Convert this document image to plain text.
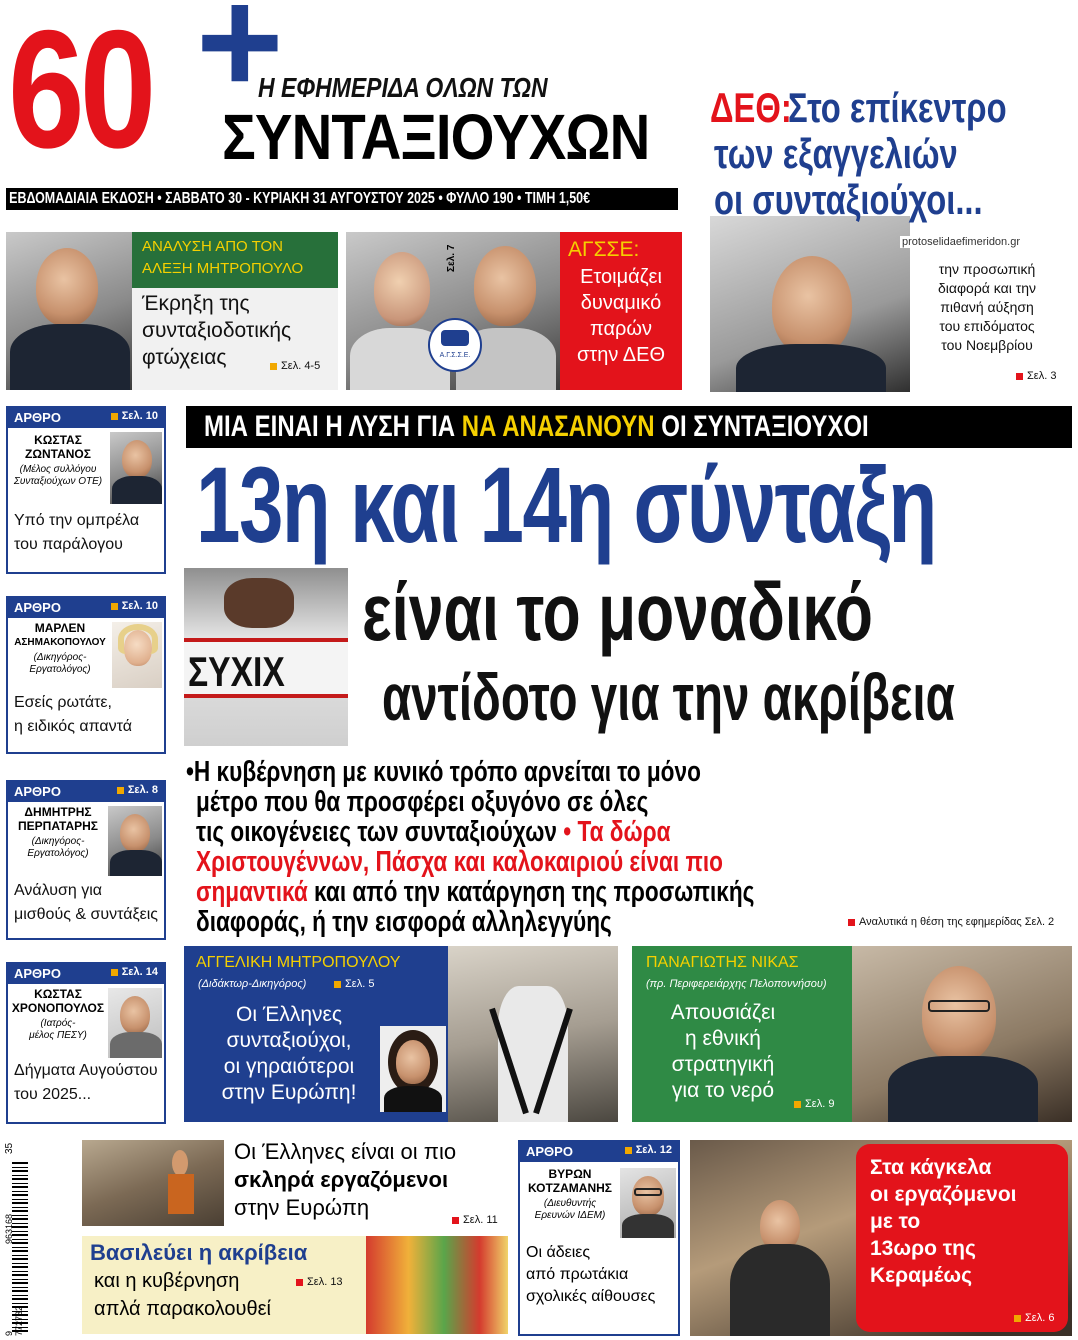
60 +
Η ΕΦΗΜΕΡΙΔΑ ΟΛΩΝ ΤΩΝ
ΣΥΝΤΑΞΙΟΥΧΩΝ
ΕΒΔΟΜΑΔΙΑΙΑ ΕΚΔΟΣΗ • ΣΑΒΒΑΤΟ 30 - ΚΥΡΙΑΚΗ 31 ΑΥΓΟΥΣΤΟΥ 2025 • ΦΥΛΛΟ 190 • ΤΙΜΗ 1,50€
ΔΕΘ:
Στο επίκεντρο
των εξαγγελιών
οι συνταξιούχοι...
protoselidaefimeridon.gr
την προσωπική
διαφορά και την
πιθανή αύξηση
του επιδόματος
του Νοεμβρίου
Σελ. 3
ΑΝΑΛΥΣΗ ΑΠΟ ΤΟΝ
ΑΛΕΞΗ ΜΗΤΡΟΠΟΥΛΟ
Έκρηξη της
συνταξιοδοτικής
φτώχειας	Σελ. 4-5
Α.Γ.Σ.Σ.Ε.
Σελ. 7	ΑΓΣΣΕ:
Ετοιμάζει
δυναμικό
παρών
στην ΔΕΘ
ΜΙΑ ΕΙΝΑΙ Η ΛΥΣΗ ΓΙΑ ΝΑ ΑΝΑΣΑΝΟΥΝ ΟΙ ΣΥΝΤΑΞΙΟΥΧΟΙ
13η και 14η σύνταξη
ΣΥΧΙΧ
είναι το μοναδικό
αντίδοτο για την ακρίβεια
•Η κυβέρνηση με κυνικό τρόπο αρνείται το μόνο
μέτρο που θα προσφέρει οξυγόνο σε όλες
τις οικογένειες των συνταξιούχων • Τα δώρα
Χριστουγέννων, Πάσχα και καλοκαιριού είναι πιο
σημαντικά και από την κατάργηση της προσωπικής
διαφοράς, ή την εισφορά αλληλεγγύης	Αναλυτικά η θέση της εφημερίδας Σελ. 2
ΑΡΘΡΟ	Σελ. 10
ΚΩΣΤΑΣ
ΖΩΝΤΑΝΟΣ
(Μέλος συλλόγου
Συνταξιούχων ΟΤΕ)
Υπό την ομπρέλα
του παράλογου
ΑΡΘΡΟ	Σελ. 10
ΜΑΡΛΕΝ
ΑΣΗΜΑΚΟΠΟΥΛΟΥ
(Δικηγόρος-
Εργατολόγος)
Εσείς ρωτάτε,
η ειδικός απαντά
ΑΡΘΡΟ	Σελ. 8
ΔΗΜΗΤΡΗΣ
ΠΕΡΠΑΤΑΡΗΣ
(Δικηγόρος-
Εργατολόγος)
Ανάλυση για
μισθούς & συντάξεις
ΑΡΘΡΟ	Σελ. 14
ΚΩΣΤΑΣ
ΧΡΟΝΟΠΟΥΛΟΣ
(Ιατρός-
μέλος ΠΕΣΥ)
Δήγματα Αυγούστου
του 2025...
ΑΓΓΕΛΙΚΗ ΜΗΤΡΟΠΟΥΛΟΥ
(Διδάκτωρ-Δικηγόρος)	Σελ. 5
Οι Έλληνες
συνταξιούχοι,
οι γηραιότεροι
στην Ευρώπη!
ΠΑΝΑΓΙΩΤΗΣ ΝΙΚΑΣ
(πρ. Περιφερειάρχης Πελοποννήσου)
Απουσιάζει
η εθνική
στρατηγική
για το νερό
Σελ. 9
35
9 772732
963168
Οι Έλληνες είναι οι πιο
σκληρά εργαζόμενοι
στην Ευρώπη	Σελ. 11
Βασιλεύει η ακρίβεια
και η κυβέρνηση
απλά παρακολουθεί
Σελ. 13
ΑΡΘΡΟ	Σελ. 12
ΒΥΡΩΝ
ΚΟΤΖΑΜΑΝΗΣ
(Διευθυντής
Ερευνών ΙΔΕΜ)
Οι άδειες
από πρωτάκια
σχολικές αίθουσες
Στα κάγκελα
οι εργαζόμενοι
με το
13ωρο της
Κεραμέως
Σελ. 6
